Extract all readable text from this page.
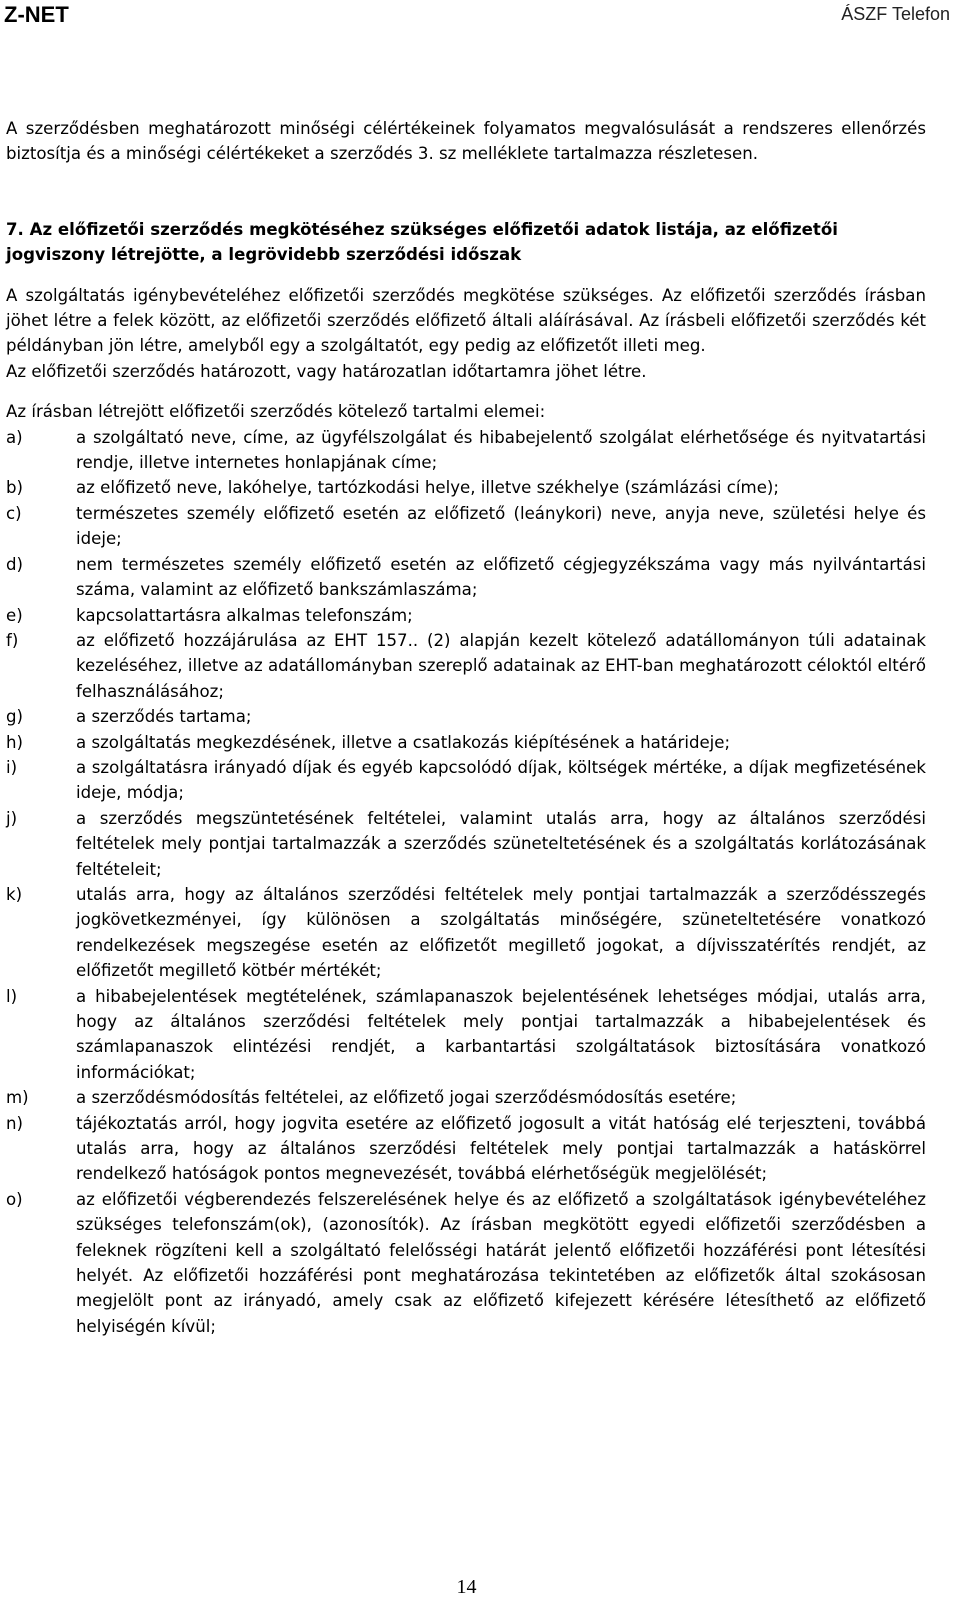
Z-NET	ÁSZF Telefon

A szerződésben meghatározott minőségi célértékeinek folyamatos megvalósulását a rendszeres ellenőrzés biztosítja és a minőségi célértékeket a szerződés 3. sz melléklete tartalmazza részletesen.

7. Az előfizetői szerződés megkötéséhez szükséges előfizetői adatok listája, az előfizetői jogviszony létrejötte, a legrövidebb szerződési időszak

A szolgáltatás igénybevételéhez előfizetői szerződés megkötése szükséges. Az előfizetői szerződés írásban jöhet létre a felek között, az előfizetői szerződés előfizető általi aláírásával. Az írásbeli előfizetői szerződés két példányban jön létre, amelyből egy a szolgáltatót, egy pedig az előfizetőt illeti meg.

Az előfizetői szerződés határozott, vagy határozatlan időtartamra jöhet létre.

Az írásban létrejött előfizetői szerződés kötelező tartalmi elemei:

a)	a szolgáltató neve, címe, az ügyfélszolgálat és hibabejelentő szolgálat elérhetősége és nyitvatartási rendje, illetve internetes honlapjának címe;
b)	az előfizető neve, lakóhelye, tartózkodási helye, illetve székhelye (számlázási címe);
c)	természetes személy előfizető esetén az előfizető (leánykori) neve, anyja neve, születési helye és ideje;
d)	nem természetes személy előfizető esetén az előfizető cégjegyzékszáma vagy más nyilvántartási száma, valamint az előfizető bankszámlaszáma;
e)	kapcsolattartásra alkalmas telefonszám;
f)	az előfizető hozzájárulása az EHT 157.. (2) alapján kezelt kötelező adatállományon túli adatainak kezeléséhez, illetve az adatállományban szereplő adatainak az EHT-ban meghatározott céloktól eltérő felhasználásához;
g)	a szerződés tartama;
h)	a szolgáltatás megkezdésének, illetve a csatlakozás kiépítésének a határideje;
i)	a szolgáltatásra irányadó díjak és egyéb kapcsolódó díjak, költségek mértéke, a díjak megfizetésének ideje, módja;
j)	a szerződés megszüntetésének feltételei, valamint utalás arra, hogy az általános szerződési feltételek mely pontjai tartalmazzák a szerződés szüneteltetésének és a szolgáltatás korlátozásának feltételeit;
k)	utalás arra, hogy az általános szerződési feltételek mely pontjai tartalmazzák a szerződésszegés jogkövetkezményei, így különösen a szolgáltatás minőségére, szüneteltetésére vonatkozó rendelkezések megszegése esetén az előfizetőt megillető jogokat, a díjvisszatérítés rendjét, az előfizetőt megillető kötbér mértékét;
l)	a hibabejelentések megtételének, számlapanaszok bejelentésének lehetséges módjai, utalás arra, hogy az általános szerződési feltételek mely pontjai tartalmazzák a hibabejelentések és számlapanaszok elintézési rendjét, a karbantartási szolgáltatások biztosítására vonatkozó információkat;
m)	a szerződésmódosítás feltételei, az előfizető jogai szerződésmódosítás esetére;
n)	tájékoztatás arról, hogy jogvita esetére az előfizető jogosult a vitát hatóság elé terjeszteni, továbbá utalás arra, hogy az általános szerződési feltételek mely pontjai tartalmazzák a hatáskörrel rendelkező hatóságok pontos megnevezését, továbbá elérhetőségük megjelölését;
o)	az előfizetői végberendezés felszerelésének helye és az előfizető a szolgáltatások igénybevételéhez szükséges telefonszám(ok), (azonosítók). Az írásban megkötött egyedi előfizetői szerződésben a feleknek rögzíteni kell a szolgáltató felelősségi határát jelentő előfizetői hozzáférési pont létesítési helyét. Az előfizetői hozzáférési pont meghatározása tekintetében az előfizetők által szokásosan megjelölt pont az irányadó, amely csak az előfizető kifejezett kérésére létesíthető az előfizető helyiségén kívül;
14
